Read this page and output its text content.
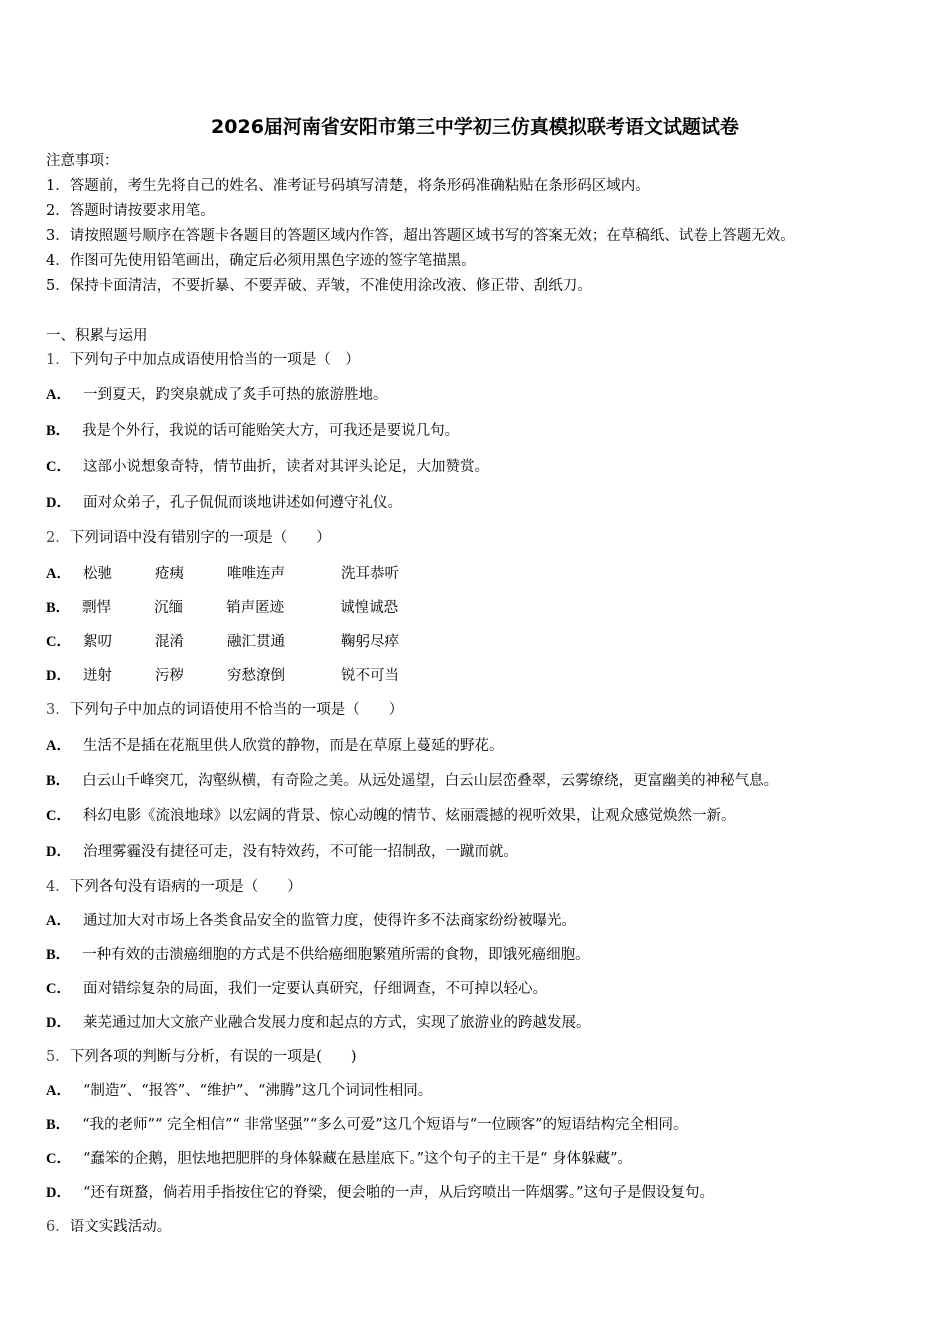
2026届河南省安阳市第三中学初三仿真模拟联考语文试题试卷
注意事项：
1．答题前，考生先将自己的姓名、准考证号码填写清楚，将条形码准确粘贴在条形码区域内。
2．答题时请按要求用笔。
3．请按照题号顺序在答题卡各题目的答题区域内作答，超出答题区域书写的答案无效；在草稿纸、试卷上答题无效。
4．作图可先使用铅笔画出，确定后必须用黑色字迹的签字笔描黑。
5．保持卡面清洁，不要折暴、不要弄破、弄皱，不准使用涂改液、修正带、刮纸刀。
一、积累与运用
1．下列句子中加点成语使用恰当的一项是（　）
A． 一到夏天，趵突泉就成了炙手可热的旅游胜地。
B． 我是个外行，我说的话可能贻笑大方，可我还是要说几句。
C． 这部小说想象奇特，情节曲折，读者对其评头论足，大加赞赏。
D． 面对众弟子，孔子侃侃而谈地讲述如何遵守礼仪。
2．下列词语中没有错别字的一项是（　　）
A． 松驰	疮痍	唯唯连声	洗耳恭听
B． 剽悍	沉缅	销声匿迹	诚惶诚恐
C． 絮叨	混淆	融汇贯通	鞠躬尽瘁
D． 迸射	污秽	穷愁潦倒	锐不可当
3．下列句子中加点的词语使用不恰当的一项是（　　）
A． 生活不是插在花瓶里供人欣赏的静物，而是在草原上蔓延的野花。
B． 白云山千峰突兀，沟壑纵横，有奇险之美。从远处遥望，白云山层峦叠翠，云雾缭绕，更富幽美的神秘气息。
C． 科幻电影《流浪地球》以宏阔的背景、惊心动魄的情节、炫丽震撼的视听效果，让观众感觉焕然一新。
D． 治理雾霾没有捷径可走，没有特效药，不可能一招制敌，一蹴而就。
4．下列各句没有语病的一项是（　　）
A． 通过加大对市场上各类食品安全的监管力度，使得许多不法商家纷纷被曝光。
B． 一种有效的击溃癌细胞的方式是不供给癌细胞繁殖所需的食物，即饿死癌细胞。
C． 面对错综复杂的局面，我们一定要认真研究，仔细调查，不可掉以轻心。
D． 莱芜通过加大文旅产业融合发展力度和起点的方式，实现了旅游业的跨越发展。
5．下列各项的判断与分析，有误的一项是(　　)
A． “制造”、“报答”、“维护”、“沸腾”这几个词词性相同。
B． “我的老师”“ 完全相信”“ 非常坚强”“多么可爱”这几个短语与“一位顾客”的短语结构完全相同。
C． “蠢笨的企鹅，胆怯地把肥胖的身体躲藏在悬崖底下。”这个句子的主干是“ 身体躲藏”。
D． “还有斑蝥，倘若用手指按住它的脊梁，便会啪的一声，从后窍喷出一阵烟雾。”这句子是假设复句。
6．语文实践活动。
